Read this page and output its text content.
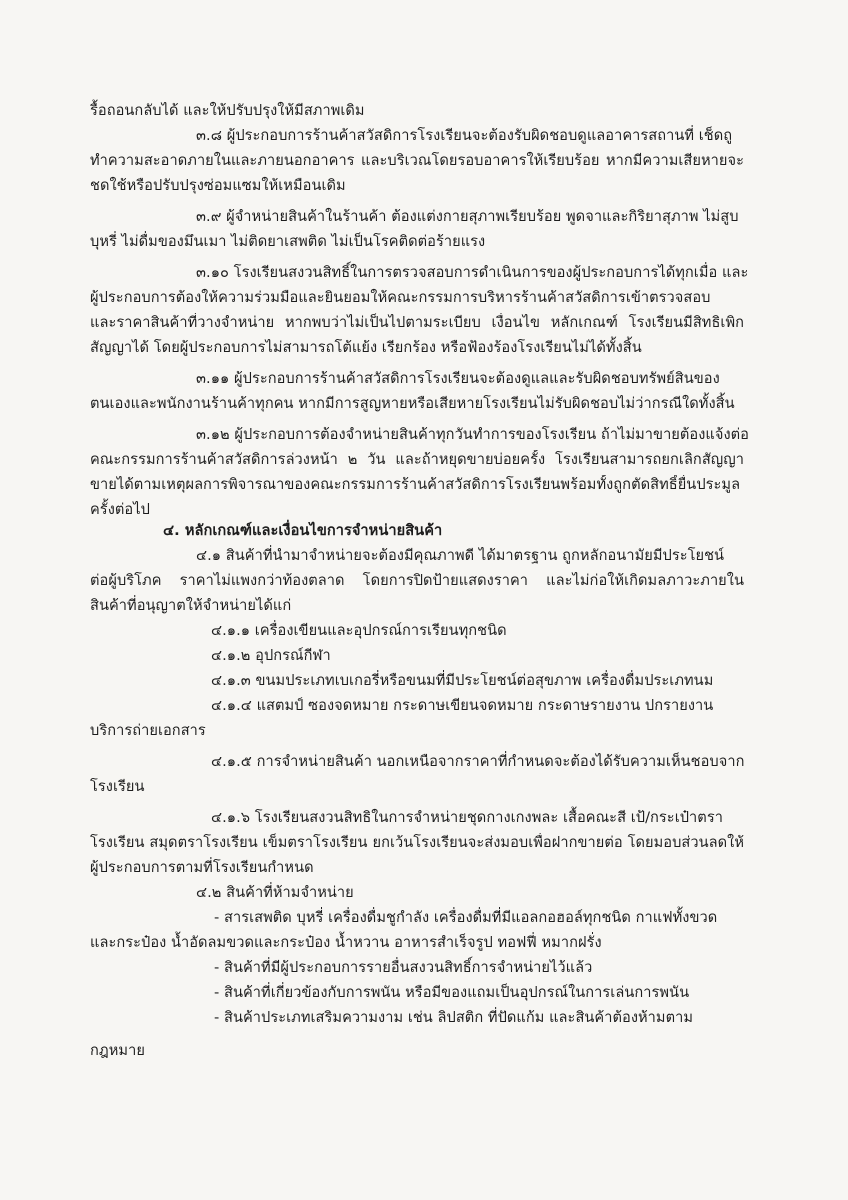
รื้อถอนกลับได้ และให้ปรับปรุงให้มีสภาพเดิม
๓.๘ ผู้ประกอบการร้านค้าสวัสดิการโรงเรียนจะต้องรับผิดชอบดูแลอาคารสถานที่ เช็ดถู
ทำความสะอาดภายในและภายนอกอาคาร และบริเวณโดยรอบอาคารให้เรียบร้อย หากมีความเสียหายจะ
ชดใช้หรือปรับปรุงซ่อมแซมให้เหมือนเดิม
๓.๙ ผู้จำหน่ายสินค้าในร้านค้า ต้องแต่งกายสุภาพเรียบร้อย พูดจาและกิริยาสุภาพ ไม่สูบ
บุหรี่ ไม่ดื่มของมึนเมา ไม่ติดยาเสพติด ไม่เป็นโรคติดต่อร้ายแรง
๓.๑๐ โรงเรียนสงวนสิทธิ์ในการตรวจสอบการดำเนินการของผู้ประกอบการได้ทุกเมื่อ และ
ผู้ประกอบการต้องให้ความร่วมมือและยินยอมให้คณะกรรมการบริหารร้านค้าสวัสดิการเข้าตรวจสอบ
และราคาสินค้าที่วางจำหน่าย หากพบว่าไม่เป็นไปตามระเบียบ เงื่อนไข หลักเกณฑ์ โรงเรียนมีสิทธิเพิก
สัญญาได้ โดยผู้ประกอบการไม่สามารถโต้แย้ง เรียกร้อง หรือฟ้องร้องโรงเรียนไม่ได้ทั้งสิ้น
๓.๑๑ ผู้ประกอบการร้านค้าสวัสดิการโรงเรียนจะต้องดูแลและรับผิดชอบทรัพย์สินของ
ตนเองและพนักงานร้านค้าทุกคน หากมีการสูญหายหรือเสียหายโรงเรียนไม่รับผิดชอบไม่ว่ากรณีใดทั้งสิ้น
๓.๑๒ ผู้ประกอบการต้องจำหน่ายสินค้าทุกวันทำการของโรงเรียน ถ้าไม่มาขายต้องแจ้งต่อ
คณะกรรมการร้านค้าสวัสดิการล่วงหน้า ๒ วัน และถ้าหยุดขายบ่อยครั้ง โรงเรียนสามารถยกเลิกสัญญา
ขายได้ตามเหตุผลการพิจารณาของคณะกรรมการร้านค้าสวัสดิการโรงเรียนพร้อมทั้งถูกตัดสิทธิ์ยื่นประมูล
ครั้งต่อไป
๔. หลักเกณฑ์และเงื่อนไขการจำหน่ายสินค้า
๔.๑ สินค้าที่นำมาจำหน่ายจะต้องมีคุณภาพดี ได้มาตรฐาน ถูกหลักอนามัยมีประโยชน์
ต่อผู้บริโภค ราคาไม่แพงกว่าท้องตลาด โดยการปิดป้ายแสดงราคา และไม่ก่อให้เกิดมลภาวะภายใน
สินค้าที่อนุญาตให้จำหน่ายได้แก่
๔.๑.๑ เครื่องเขียนและอุปกรณ์การเรียนทุกชนิด
๔.๑.๒ อุปกรณ์กีฬา
๔.๑.๓ ขนมประเภทเบเกอรี่หรือขนมที่มีประโยชน์ต่อสุขภาพ เครื่องดื่มประเภทนม
๔.๑.๔ แสตมป์ ซองจดหมาย กระดาษเขียนจดหมาย กระดาษรายงาน ปกรายงาน
บริการถ่ายเอกสาร
๔.๑.๕ การจำหน่ายสินค้า นอกเหนือจากราคาที่กำหนดจะต้องได้รับความเห็นชอบจาก
โรงเรียน
๔.๑.๖ โรงเรียนสงวนสิทธิในการจำหน่ายชุดกางเกงพละ เสื้อคณะสี เป้/กระเป๋าตรา
โรงเรียน สมุดตราโรงเรียน เข็มตราโรงเรียน ยกเว้นโรงเรียนจะส่งมอบเพื่อฝากขายต่อ โดยมอบส่วนลดให้
ผู้ประกอบการตามที่โรงเรียนกำหนด
๔.๒ สินค้าที่ห้ามจำหน่าย
- สารเสพติด บุหรี่ เครื่องดื่มชูกำลัง เครื่องดื่มที่มีแอลกอฮอล์ทุกชนิด กาแฟทั้งขวด
และกระป๋อง น้ำอัดลมขวดและกระป๋อง น้ำหวาน อาหารสำเร็จรูป ทอฟฟี่ หมากฝรั่ง
- สินค้าที่มีผู้ประกอบการรายอื่นสงวนสิทธิ์การจำหน่ายไว้แล้ว
- สินค้าที่เกี่ยวข้องกับการพนัน หรือมีของแถมเป็นอุปกรณ์ในการเล่นการพนัน
- สินค้าประเภทเสริมความงาม เช่น ลิปสติก ที่ปัดแก้ม และสินค้าต้องห้ามตาม
กฎหมาย
